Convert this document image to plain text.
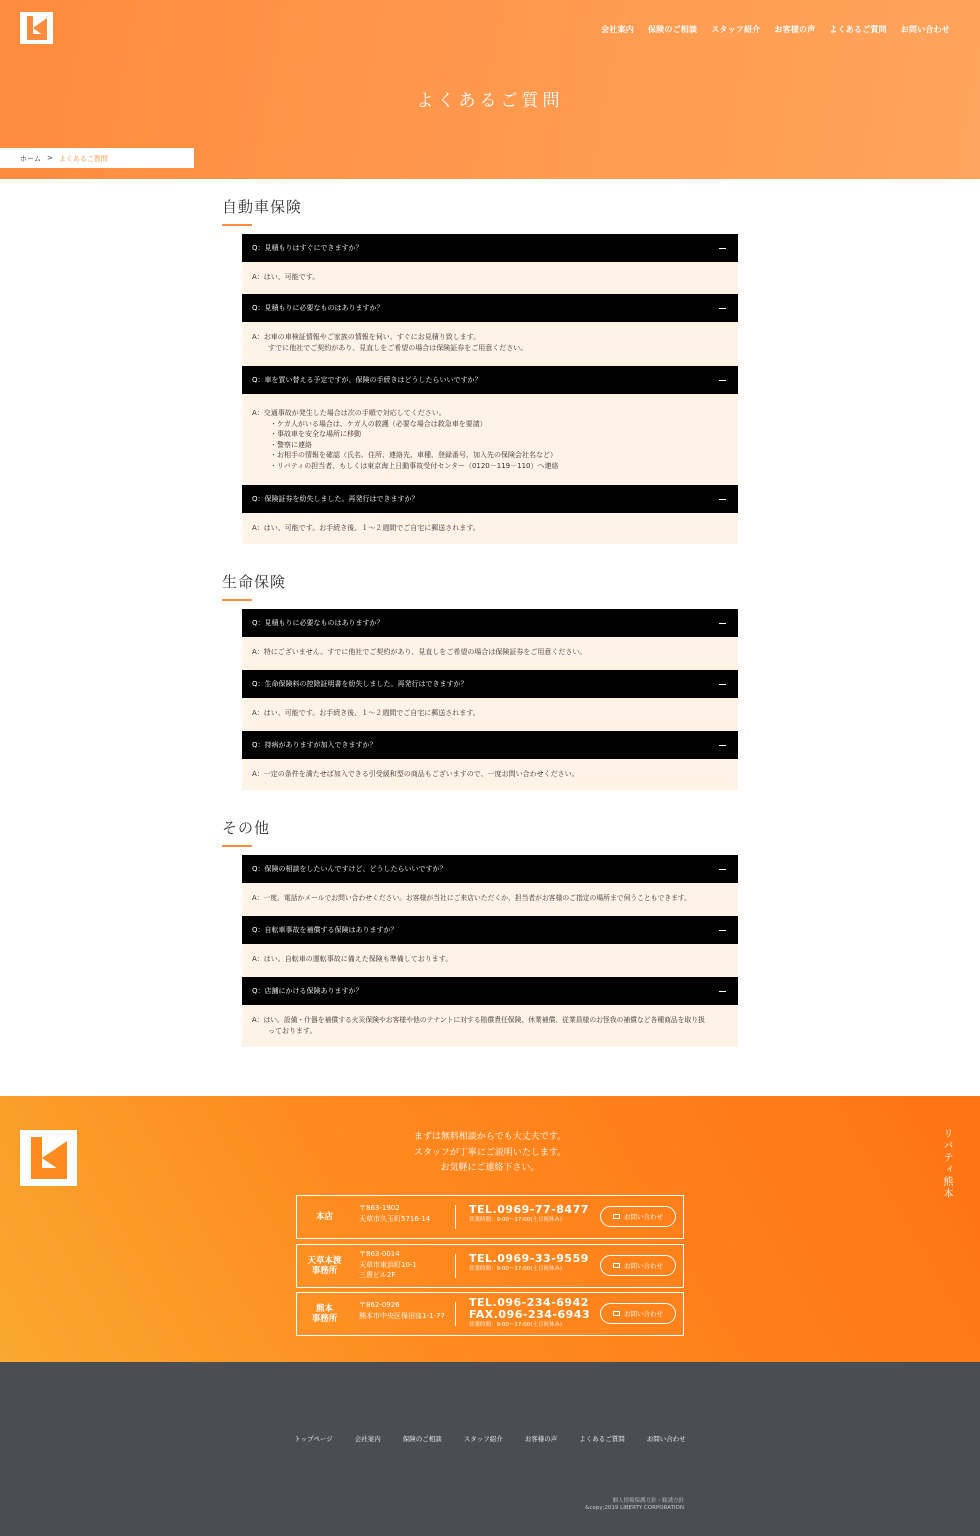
会社案内 保険のご相談 スタッフ紹介 お客様の声 よくあるご質問 お問い合わせ
よくあるご質問
ホーム > よくあるご質問
自動車保険
Q：見積もりはすぐにできますか？
A：はい、可能です。
Q：見積もりに必要なものはありますか？
A：お車の車検証情報やご家族の情報を伺い、すぐにお見積り致します。
すでに他社でご契約があり、見直しをご希望の場合は保険証券をご用意ください。
Q：車を買い替える予定ですが、保険の手続きはどうしたらいいですか？
A：交通事故が発生した場合は次の手順で対応してください。
・ケガ人がいる場合は、ケガ人の救護（必要な場合は救急車を要請）
・事故車を安全な場所に移動
・警察に連絡
・お相手の情報を確認（氏名、住所、連絡先、車種、登録番号、加入先の保険会社名など）
・リバティの担当者、もしくは東京海上日動事故受付センター（0120－119－110）へ連絡
Q：保険証券を紛失しました。再発行はできますか？
A：はい、可能です。お手続き後、１～２週間でご自宅に郵送されます。
生命保険
Q：見積もりに必要なものはありますか？
A：特にございません。すでに他社でご契約があり、見直しをご希望の場合は保険証券をご用意ください。
Q：生命保険料の控除証明書を紛失しました。再発行はできますか？
A：はい、可能です。お手続き後、１～２週間でご自宅に郵送されます。
Q：持病がありますが加入できますか？
A：一定の条件を満たせば加入できる引受緩和型の商品もございますので、一度お問い合わせください。
その他
Q：保険の相談をしたいんですけど、どうしたらいいですか？
A：一度、電話かメールでお問い合わせください。お客様が当社にご来店いただくか、担当者がお客様のご指定の場所まで伺うこともできます。
Q：自転車事故を補償する保険はありますか？
A：はい。自転車の運転事故に備えた保険も準備しております。
Q：店舗にかける保険ありますか？
A：はい。設備・什器を補償する火災保険やお客様や他のテナントに対する賠償責任保険、休業補償、従業員様のお怪我の補償など各種商品を取り扱
っております。
まずは無料相談からでも大丈夫です。
スタッフが丁寧にご説明いたします。
お気軽にご連絡下さい。	リバティ熊本
本店
〒863-1902
天草市久玉町5716-14
TEL.0969-77-8477
営業時間：9:00～17:00(土日祝休み)	お問い合わせ
天草本渡
事務所
〒863-0014
天草市東浜町10-1
三貴ビル2F
TEL.0969-33-9559
営業時間：9:00～17:00(土日祝休み)	お問い合わせ
熊本
事務所
〒862-0926
熊本市中央区保田窪1-1-77
TEL.096-234-6942
FAX.096-234-6943
営業時間：9:00～17:00(土日祝休み)
お問い合わせ
トップページ	会社案内	保険のご相談	スタッフ紹介	お客様の声	よくあるご質問	お問い合わせ
個人情報保護方針・勧誘方針
&copy;2019 LIBERTY CORPORATION
